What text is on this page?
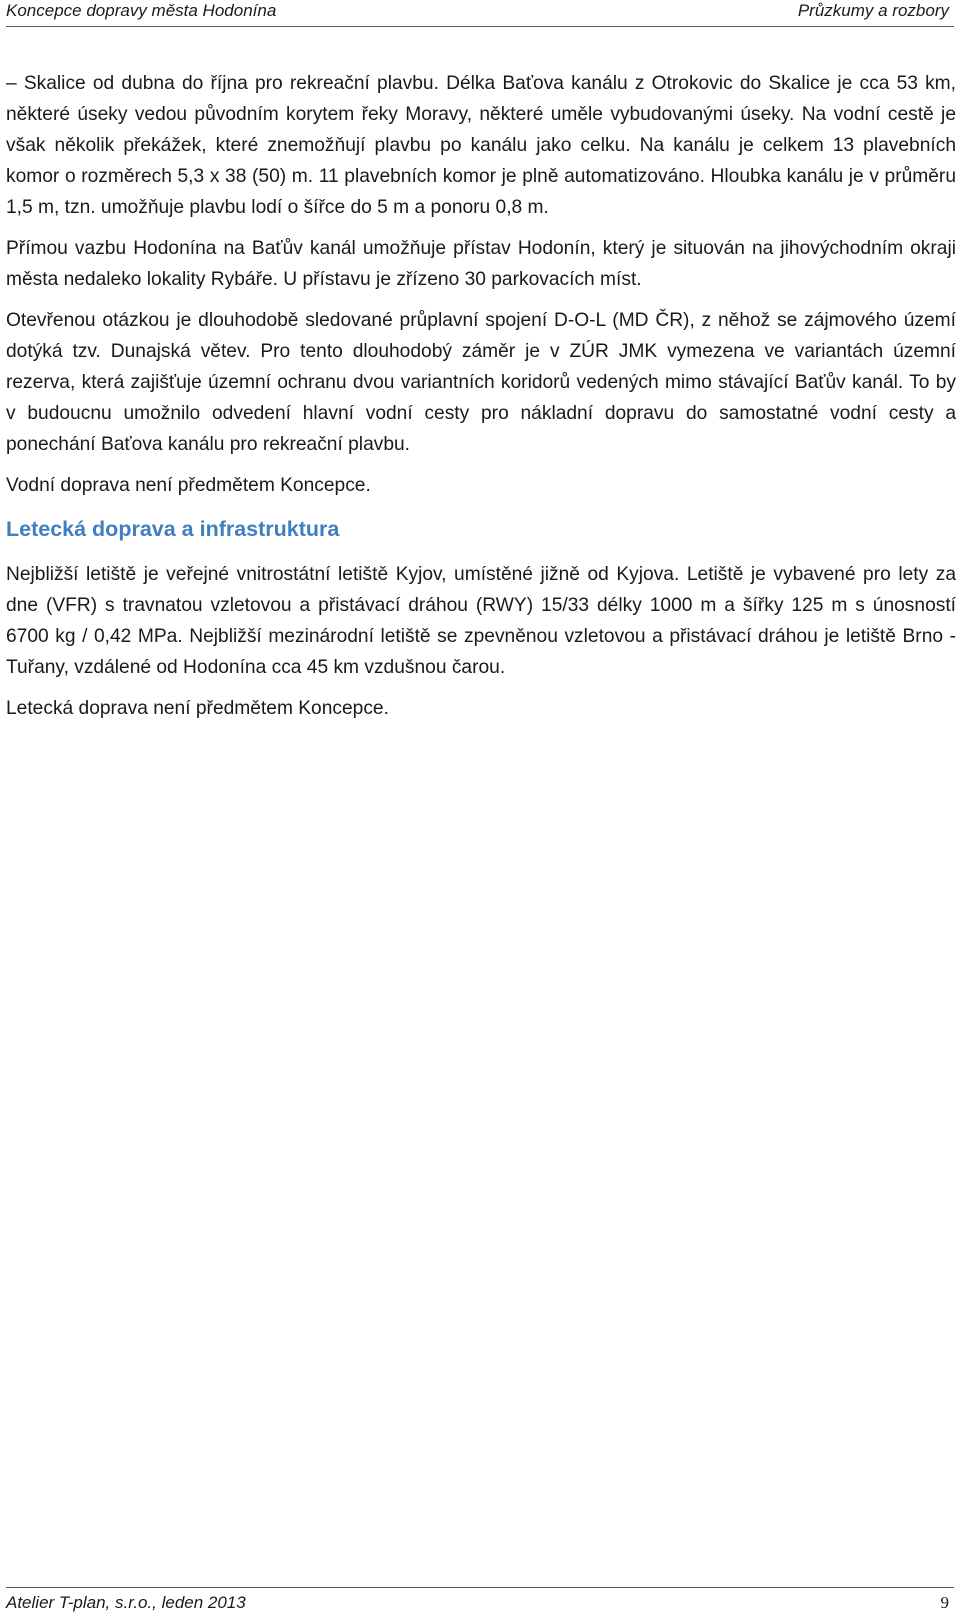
Koncepce dopravy města Hodonína	Průzkumy a rozbory

– Skalice od dubna do října pro rekreační plavbu. Délka Baťova kanálu z Otrokovic do Skalice je cca 53 km, některé úseky vedou původním korytem řeky Moravy, některé uměle vybudovanými úseky. Na vodní cestě je však několik překážek, které znemožňují plavbu po kanálu jako celku. Na kanálu je celkem 13 plavebních komor o rozměrech 5,3 x 38 (50) m. 11 plavebních komor je plně automatizováno. Hloubka kanálu je v průměru 1,5 m, tzn. umožňuje plavbu lodí o šířce do 5 m a ponoru 0,8 m.

Přímou vazbu Hodonína na Baťův kanál umožňuje přístav Hodonín, který je situován na jihovýchodním okraji města nedaleko lokality Rybáře. U přístavu je zřízeno 30 parkovacích míst.

Otevřenou otázkou je dlouhodobě sledované průplavní spojení D-O-L (MD ČR), z něhož se zájmového území dotýká tzv. Dunajská větev. Pro tento dlouhodobý záměr je v ZÚR JMK vymezena ve variantách územní rezerva, která zajišťuje územní ochranu dvou variantních koridorů vedených mimo stávající Baťův kanál. To by v budoucnu umožnilo odvedení hlavní vodní cesty pro nákladní dopravu do samostatné vodní cesty a ponechání Baťova kanálu pro rekreační plavbu.

Vodní doprava není předmětem Koncepce.

Letecká doprava a infrastruktura

Nejbližší letiště je veřejné vnitrostátní letiště Kyjov, umístěné jižně od Kyjova. Letiště je vybavené pro lety za dne (VFR) s travnatou vzletovou a přistávací dráhou (RWY) 15/33 délky 1000 m a šířky 125 m s únosností 6700 kg / 0,42 MPa. Nejbližší mezinárodní letiště se zpevněnou vzletovou a přistávací dráhou je letiště Brno - Tuřany, vzdálené od Hodonína cca 45 km vzdušnou čarou.

Letecká doprava není předmětem Koncepce.

Atelier T-plan, s.r.o., leden 2013	9
